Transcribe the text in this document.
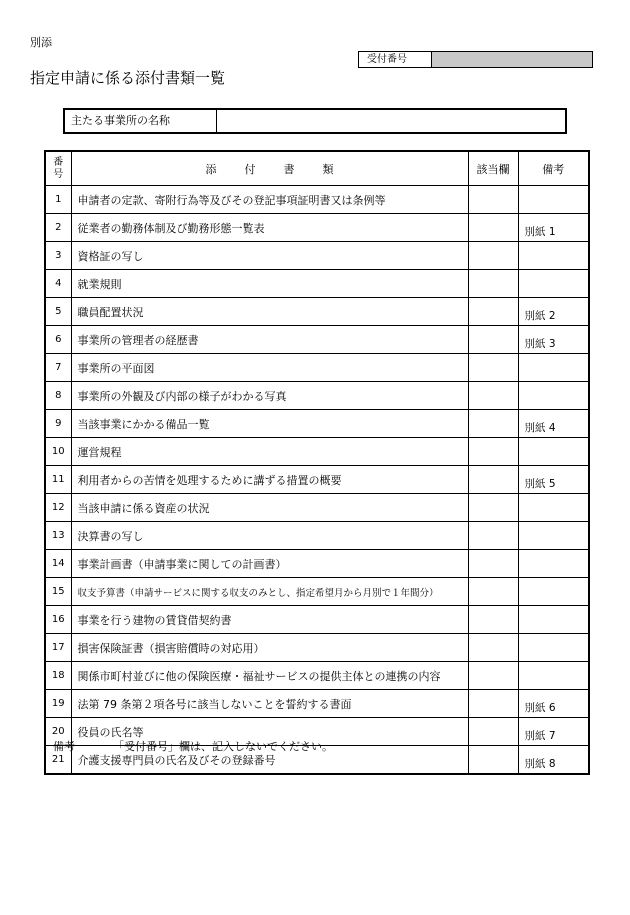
別添
受付番号
指定申請に係る添付書類一覧
主たる事業所の名称
番
号	添付書類	該当欄	備考
1	申請者の定款、寄附行為等及びその登記事項証明書又は条例等		
2	従業者の勤務体制及び勤務形態一覧表		別紙 1
3	資格証の写し		
4	就業規則		
5	職員配置状況		別紙 2
6	事業所の管理者の経歴書		別紙 3
7	事業所の平面図		
8	事業所の外観及び内部の様子がわかる写真		
9	当該事業にかかる備品一覧		別紙 4
10	運営規程		
11	利用者からの苦情を処理するために講ずる措置の概要		別紙 5
12	当該申請に係る資産の状況		
13	決算書の写し		
14	事業計画書（申請事業に関しての計画書）		
15	収支予算書（申請サービスに関する収支のみとし、指定希望月から月別で１年間分）		
16	事業を行う建物の賃貸借契約書		
17	損害保険証書（損害賠償時の対応用）		
18	関係市町村並びに他の保険医療・福祉サービスの提供主体との連携の内容		
19	法第 79 条第２項各号に該当しないことを誓約する書面		別紙 6
20	役員の氏名等		別紙 7
21	介護支援専門員の氏名及びその登録番号		別紙 8
備考	「受付番号」欄は、記入しないでください。
